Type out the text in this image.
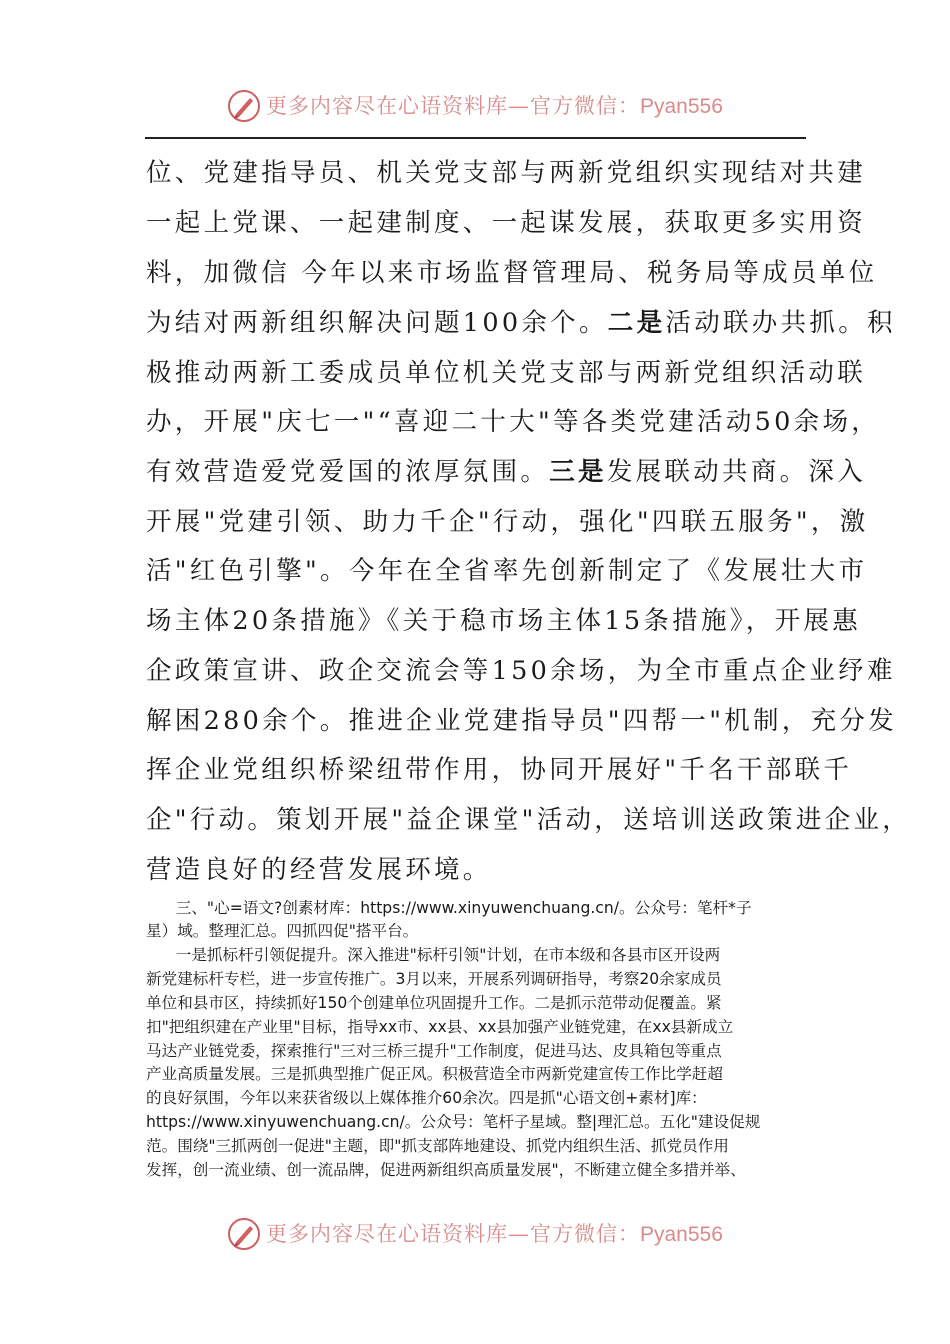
更多内容尽在心语资料库—官方微信：Pyan556
位、党建指导员、机关党支部与两新党组织实现结对共建
一起上党课、一起建制度、一起谋发展，获取更多实用资
料，加微信 今年以来市场监督管理局、税务局等成员单位
为结对两新组织解决问题100余个。二是活动联办共抓。积
极推动两新工委成员单位机关党支部与两新党组织活动联
办，开展"庆七一"“喜迎二十大"等各类党建活动50余场，
有效营造爱党爱国的浓厚氛围。三是发展联动共商。深入
开展"党建引领、助力千企"行动，强化"四联五服务"，激
活"红色引擎"。今年在全省率先创新制定了《发展壮大市
场主体20条措施》《关于稳市场主体15条措施》，开展惠
企政策宣讲、政企交流会等150余场，为全市重点企业纾难
解困280余个。推进企业党建指导员"四帮一"机制，充分发
挥企业党组织桥梁纽带作用，协同开展好"千名干部联千
企"行动。策划开展"益企课堂"活动，送培训送政策进企业，
营造良好的经营发展环境。
三、"心=语文?创素材库：https://www.xinyuwenchuang.cn/。公众号：笔杆*子
星）域。整理汇总。四抓四促"搭平台。
一是抓标杆引领促提升。深入推进"标杆引领"计划，在市本级和各县市区开设两
新党建标杆专栏，进一步宣传推广。3月以来，开展系列调研指导，考察20余家成员
单位和县市区，持续抓好150个创建单位巩固提升工作。二是抓示范带动促覆盖。紧
扣"把组织建在产业里"目标，指导xx市、xx县、xx县加强产业链党建，在xx县新成立
马达产业链党委，探索推行"三对三桥三提升"工作制度，促进马达、皮具箱包等重点
产业高质量发展。三是抓典型推广促正风。积极营造全市两新党建宣传工作比学赶超
的良好氛围，今年以来获省级以上媒体推介60余次。四是抓"心语文创+素材]库：
https://www.xinyuwenchuang.cn/。公众号：笔杆子星域。整|理汇总。五化"建设促规
范。围绕"三抓两创一促进"主题，即"抓支部阵地建设、抓党内组织生活、抓党员作用
发挥，创一流业绩、创一流品牌，促进两新组织高质量发展"，不断建立健全多措并举、
更多内容尽在心语资料库—官方微信：Pyan556
